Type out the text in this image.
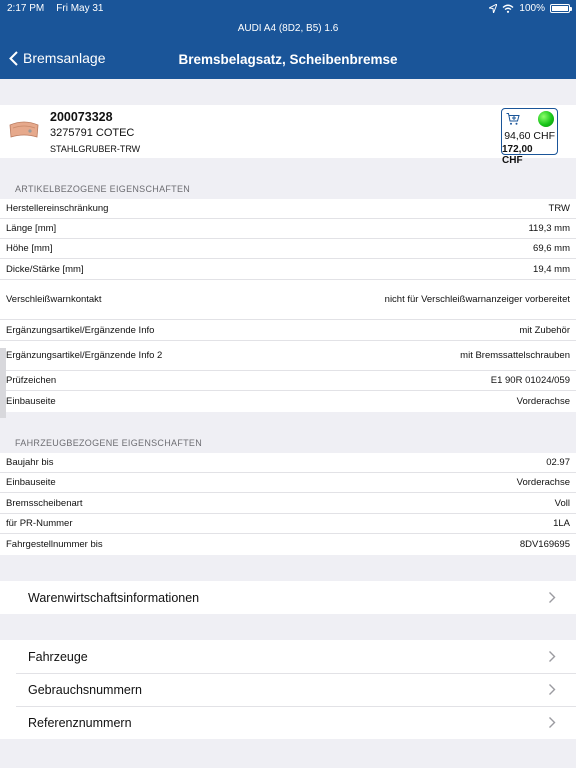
2:17 PM Fri May 31	100%
AUDI A4 (8D2, B5) 1.6
Bremsanlage	Bremsbelagsatz, Scheibenbremse
200073328
3275791 COTEC
STAHLGRUBER-TRW
94,60 CHF
172,00 CHF
ARTIKELBEZOGENE EIGENSCHAFTEN
Herstellereinschränkung	TRW
Länge [mm]	119,3 mm
Höhe [mm]	69,6 mm
Dicke/Stärke [mm]	19,4 mm
Verschleißwarnkontakt	nicht für Verschleißwarnanzeiger vorbereitet
Ergänzungsartikel/Ergänzende Info	mit Zubehör
Ergänzungsartikel/Ergänzende Info 2	mit Bremssattelschrauben
Prüfzeichen	E1 90R 01024/059
Einbauseite	Vorderachse
FAHRZEUGBEZOGENE EIGENSCHAFTEN
Baujahr bis	02.97
Einbauseite	Vorderachse
Bremsscheibenart	Voll
für PR-Nummer	1LA
Fahrgestellnummer bis	8DV169695
Warenwirtschaftsinformationen
Fahrzeuge
Gebrauchsnummern
Referenznummern
